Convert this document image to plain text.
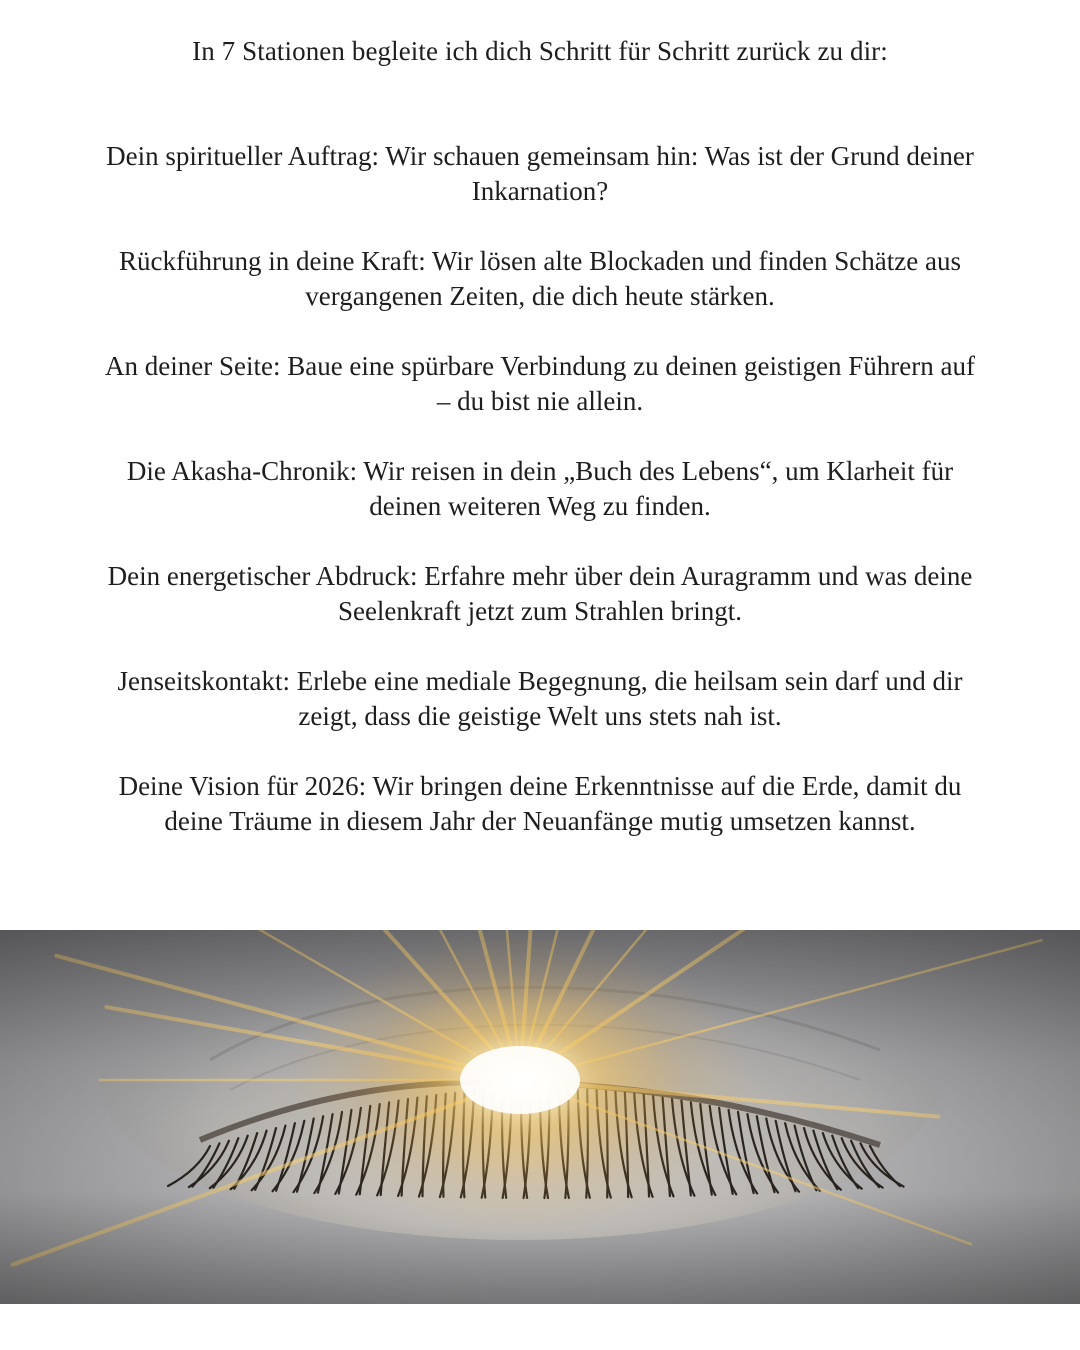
In 7 Stationen begleite ich dich Schritt für Schritt zurück zu dir:
Dein spiritueller Auftrag: Wir schauen gemeinsam hin: Was ist der Grund deiner Inkarnation?
Rückführung in deine Kraft: Wir lösen alte Blockaden und finden Schätze aus vergangenen Zeiten, die dich heute stärken.
An deiner Seite: Baue eine spürbare Verbindung zu deinen geistigen Führern auf – du bist nie allein.
Die Akasha-Chronik: Wir reisen in dein „Buch des Lebens“, um Klarheit für deinen weiteren Weg zu finden.
Dein energetischer Abdruck: Erfahre mehr über dein Auragramm und was deine Seelenkraft jetzt zum Strahlen bringt.
Jenseitskontakt: Erlebe eine mediale Begegnung, die heilsam sein darf und dir zeigt, dass die geistige Welt uns stets nah ist.
Deine Vision für 2026: Wir bringen deine Erkenntnisse auf die Erde, damit du deine Träume in diesem Jahr der Neuanfänge mutig umsetzen kannst.
